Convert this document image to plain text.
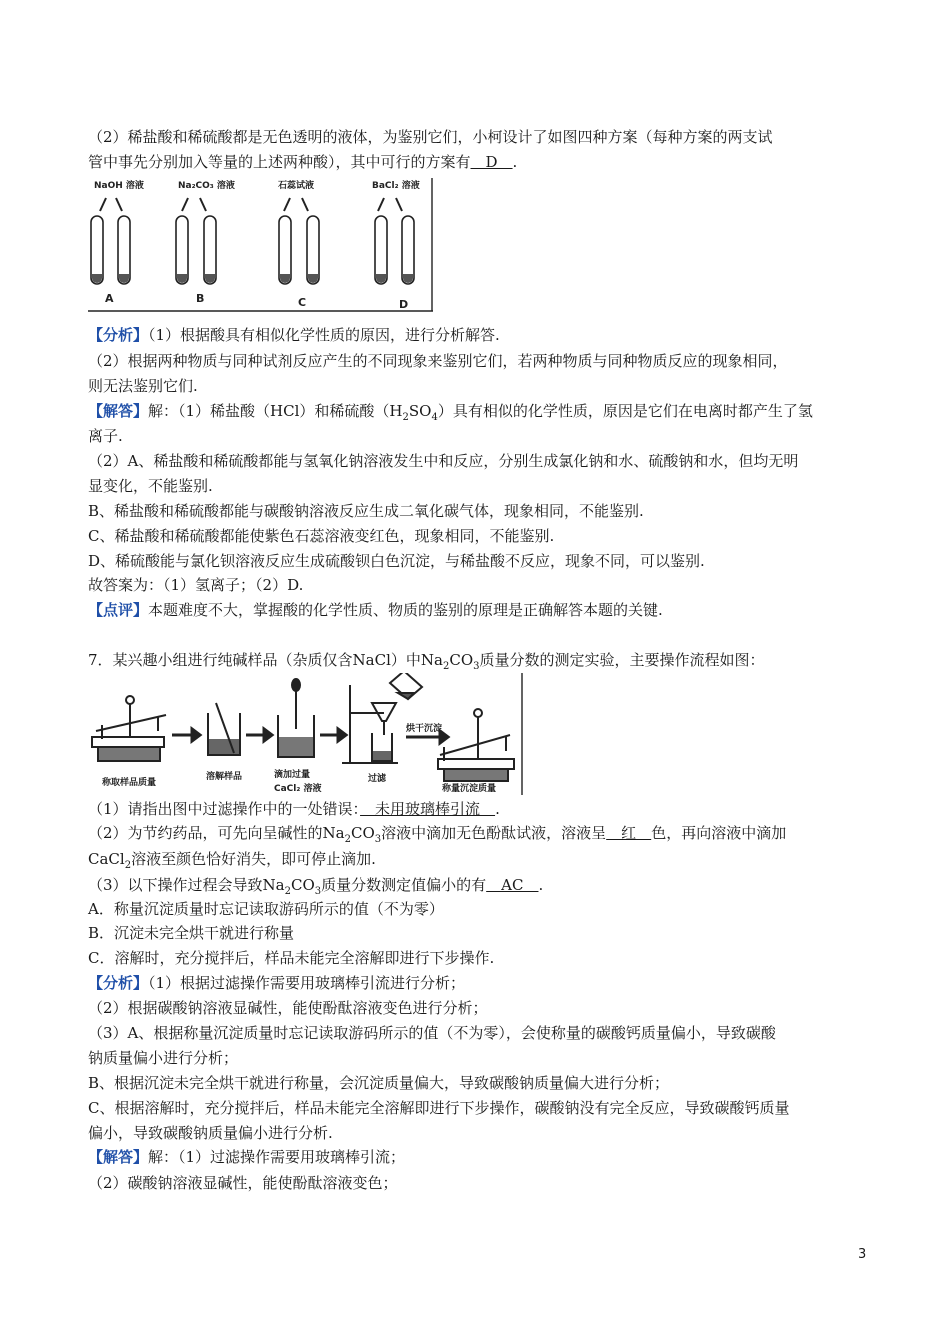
（2）稀盐酸和稀硫酸都是无色透明的液体，为鉴别它们，小柯设计了如图四种方案（每种方案的两支试
管中事先分别加入等量的上述两种酸），其中可行的方案有　D　.
NaOH 溶液	Na₂CO₃ 溶液	石蕊试液	BaCl₂ 溶液
A	B	C	D
【分析】（1）根据酸具有相似化学性质的原因，进行分析解答.
（2）根据两种物质与同种试剂反应产生的不同现象来鉴别它们，若两种物质与同种物质反应的现象相同，
则无法鉴别它们.
【解答】解：（1）稀盐酸（HCl）和稀硫酸$(H_2SO_4)$具有相似的化学性质，原因是它们在电离时都产生了氢
离子.
（2）A、稀盐酸和稀硫酸都能与氢氧化钠溶液发生中和反应，分别生成氯化钠和水、硫酸钠和水，但均无明
显变化，不能鉴别.
B、稀盐酸和稀硫酸都能与碳酸钠溶液反应生成二氧化碳气体，现象相同，不能鉴别.
C、稀盐酸和稀硫酸都能使紫色石蕊溶液变红色，现象相同，不能鉴别.
D、稀硫酸能与氯化钡溶液反应生成硫酸钡白色沉淀，与稀盐酸不反应，现象不同，可以鉴别.
故答案为：（1）氢离子；（2）D.
【点评】本题难度不大，掌握酸的化学性质、物质的鉴别的原理是正确解答本题的关键.
7．某兴趣小组进行纯碱样品（杂质仅含NaCl）中$Na_2CO_3$质量分数的测定实验，主要操作流程如图：
烘干沉淀
称取样品质量
溶解样品	滴加过量
CaCl₂ 溶液
过滤
称量沉淀质量
（1）请指出图中过滤操作中的一处错误：　未用玻璃棒引流　.
（2）为节约药品，可先向呈碱性的$Na_2CO_3$溶液中滴加无色酚酞试液，溶液呈　红　色，再向溶液中滴加
CaCl$_2$溶液至颜色恰好消失，即可停止滴加.
（3）以下操作过程会导致$Na_2CO_3$质量分数测定值偏小的有　AC　.
A．称量沉淀质量时忘记读取游码所示的值（不为零）
B．沉淀未完全烘干就进行称量
C．溶解时，充分搅拌后，样品未能完全溶解即进行下步操作.
【分析】（1）根据过滤操作需要用玻璃棒引流进行分析；
（2）根据碳酸钠溶液显碱性，能使酚酞溶液变色进行分析；
（3）A、根据称量沉淀质量时忘记读取游码所示的值（不为零），会使称量的碳酸钙质量偏小，导致碳酸
钠质量偏小进行分析；
B、根据沉淀未完全烘干就进行称量，会沉淀质量偏大，导致碳酸钠质量偏大进行分析；
C、根据溶解时，充分搅拌后，样品未能完全溶解即进行下步操作，碳酸钠没有完全反应，导致碳酸钙质量
偏小，导致碳酸钠质量偏小进行分析.
【解答】解：（1）过滤操作需要用玻璃棒引流；
（2）碳酸钠溶液显碱性，能使酚酞溶液变色；
3
